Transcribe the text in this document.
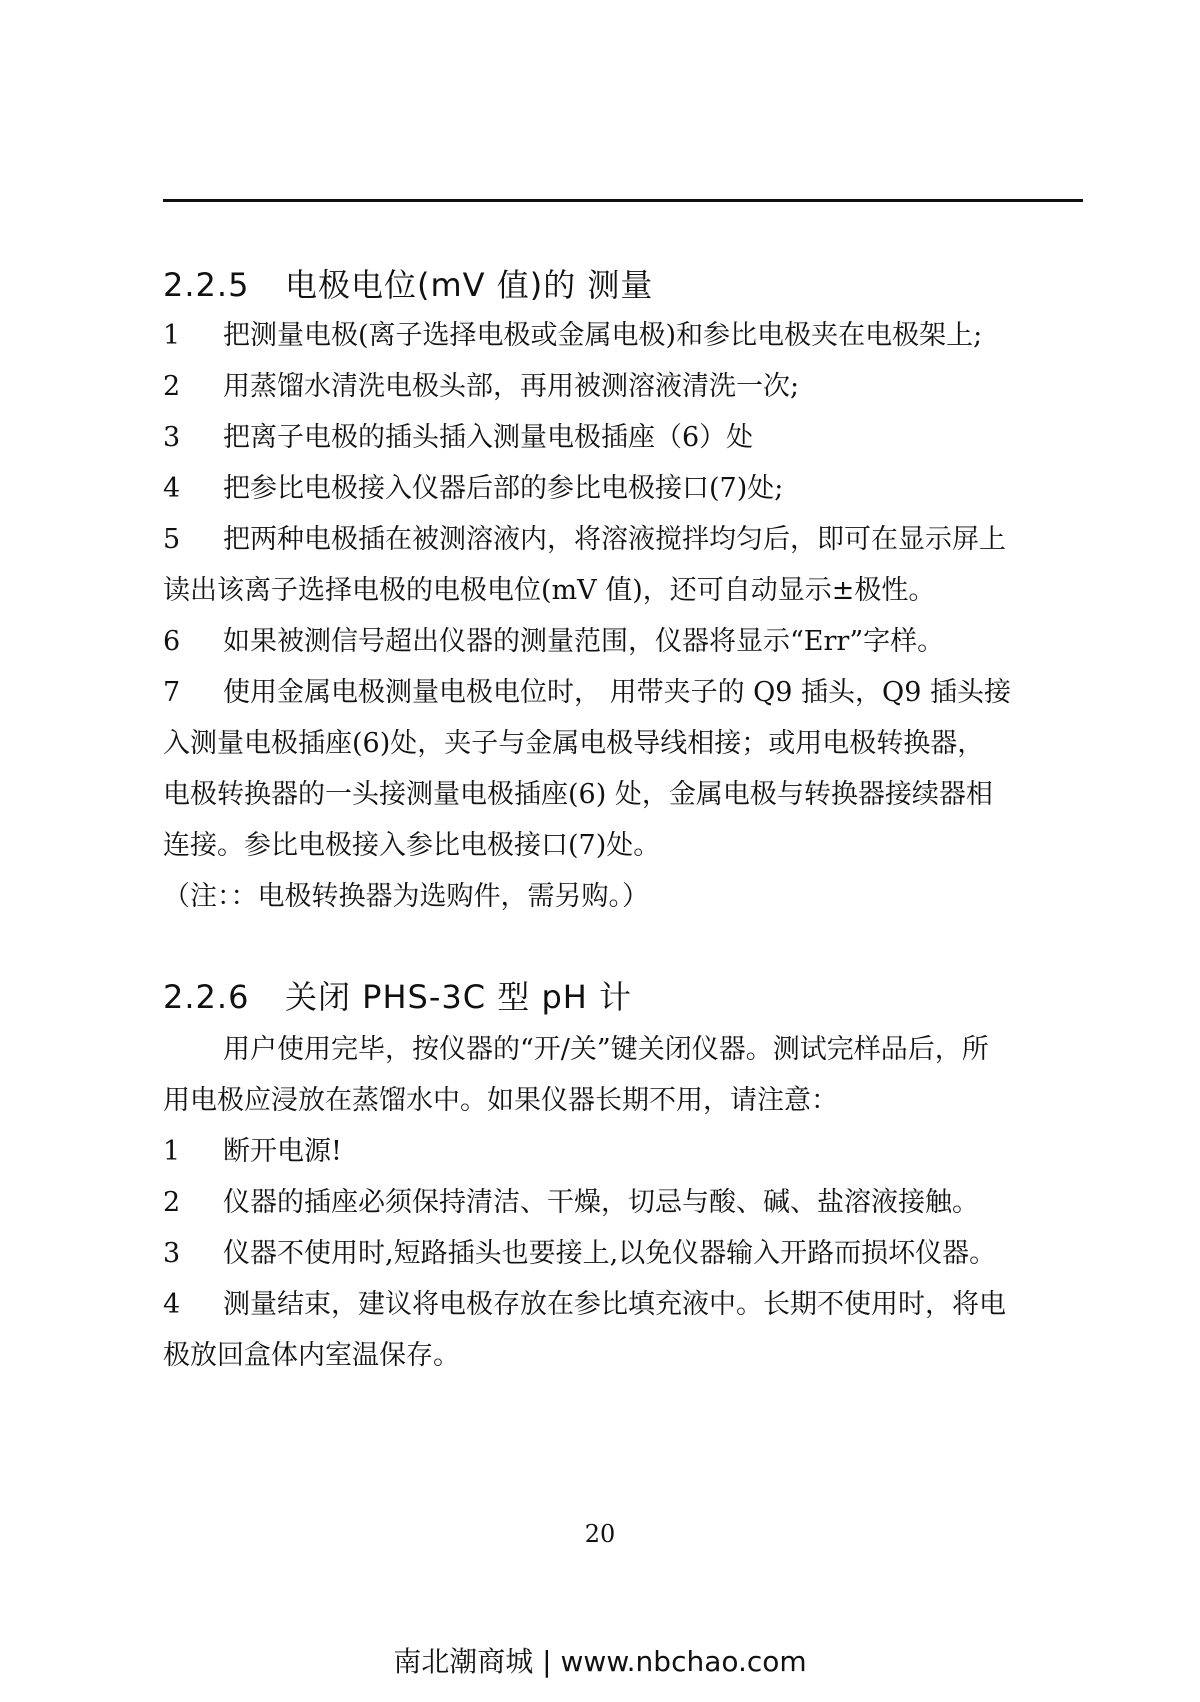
2.2.5 电极电位(mV 值)的 测量
1 把测量电极(离子选择电极或金属电极)和参比电极夹在电极架上;
2 用蒸馏水清洗电极头部，再用被测溶液清洗一次;
3 把离子电极的插头插入测量电极插座（6）处
4 把参比电极接入仪器后部的参比电极接口(7)处;
5 把两种电极插在被测溶液内，将溶液搅拌均匀后，即可在显示屏上
读出该离子选择电极的电极电位(mV 值)，还可自动显示±极性。
6 如果被测信号超出仪器的测量范围，仪器将显示“Err”字样。
7 使用金属电极测量电极电位时， 用带夹子的 Q9 插头，Q9 插头接
入测量电极插座(6)处，夹子与金属电极导线相接；或用电极转换器，
电极转换器的一头接测量电极插座(6) 处，金属电极与转换器接续器相
连接。参比电极接入参比电极接口(7)处。
（注：：电极转换器为选购件，需另购。）
2.2.6 关闭 PHS-3C 型 pH 计
用户使用完毕，按仪器的“开/关”键关闭仪器。测试完样品后，所
用电极应浸放在蒸馏水中。如果仪器长期不用，请注意：
1 断开电源!
2 仪器的插座必须保持清洁、干燥，切忌与酸、碱、盐溶液接触。
3 仪器不使用时,短路插头也要接上,以免仪器输入开路而损坏仪器。
4 测量结束，建议将电极存放在参比填充液中。长期不使用时，将电
极放回盒体内室温保存。
20
南北潮商城 | www.nbchao.com
